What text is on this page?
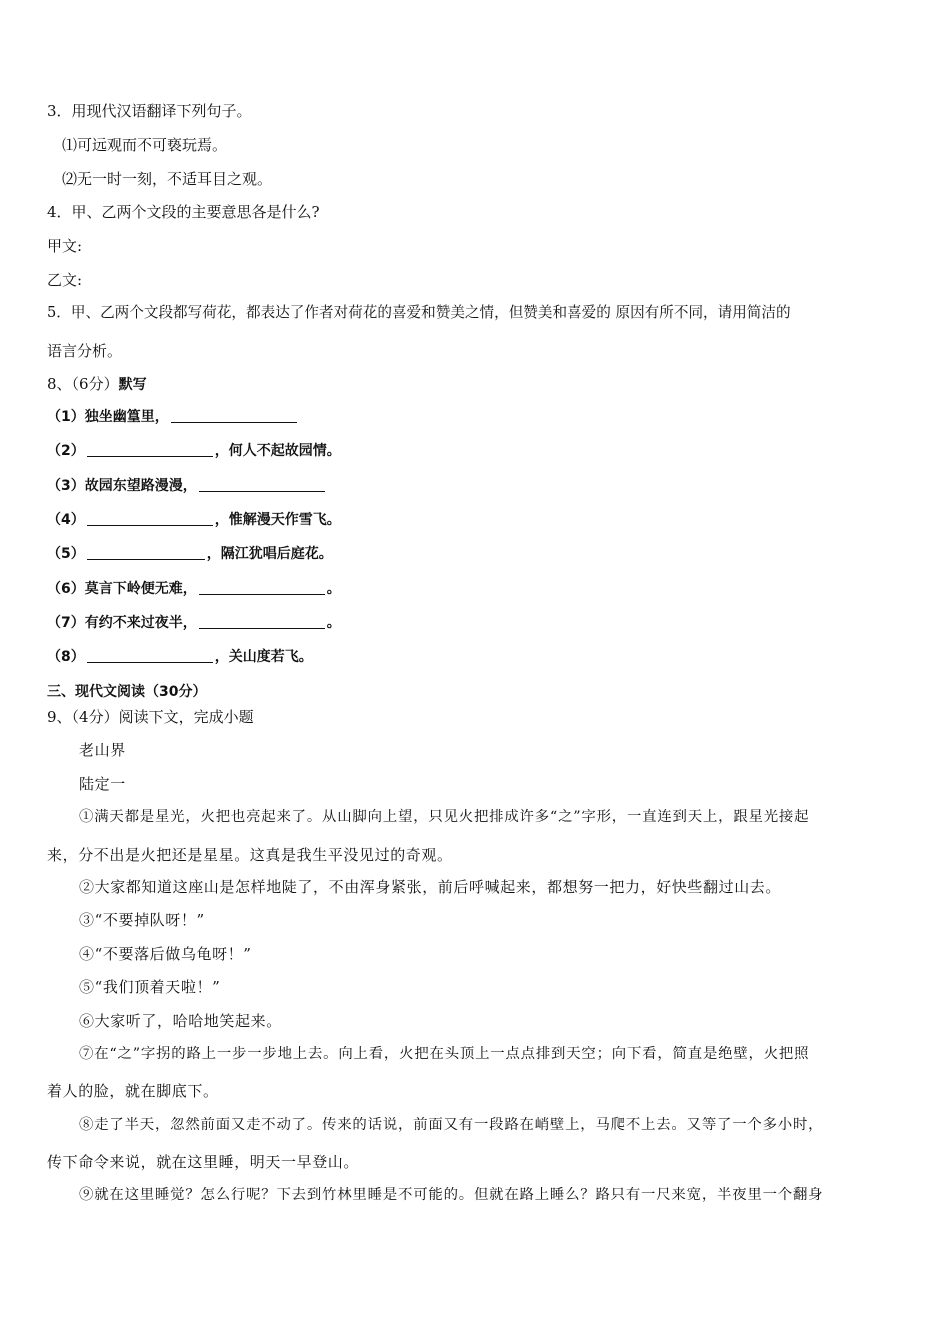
3．用现代汉语翻译下列句子。
⑴可远观而不可亵玩焉。
⑵无一时一刻，不适耳目之观。
4．甲、乙两个文段的主要意思各是什么?
甲文:
乙文:
5．甲、乙两个文段都写荷花，都表达了作者对荷花的喜爱和赞美之情，但赞美和喜爱的 原因有所不同，请用简洁的
语言分析。
8、（6分）默写
（1）独坐幽篁里，
（2）	，何人不起故园情。
（3）故园东望路漫漫，
（4）	，惟解漫天作雪飞。
（5）	，隔江犹唱后庭花。
（6）莫言下岭便无难，	。
（7）有约不来过夜半，	。
（8）	，关山度若飞。
三、现代文阅读（30分）
9、（4分）阅读下文，完成小题
老山界
陆定一
①满天都是星光，火把也亮起来了。从山脚向上望，只见火把排成许多“之”字形，一直连到天上，跟星光接起
来，分不出是火把还是星星。这真是我生平没见过的奇观。
②大家都知道这座山是怎样地陡了，不由浑身紧张，前后呼喊起来，都想努一把力，好快些翻过山去。
③“不要掉队呀！”
④“不要落后做乌龟呀！”
⑤“我们顶着天啦！”
⑥大家听了，哈哈地笑起来。
⑦在“之”字拐的路上一步一步地上去。向上看，火把在头顶上一点点排到天空；向下看，简直是绝壁，火把照
着人的脸，就在脚底下。
⑧走了半天，忽然前面又走不动了。传来的话说，前面又有一段路在峭壁上，马爬不上去。又等了一个多小时，
传下命令来说，就在这里睡，明天一早登山。
⑨就在这里睡觉？怎么行呢？下去到竹林里睡是不可能的。但就在路上睡么？路只有一尺来宽，半夜里一个翻身
